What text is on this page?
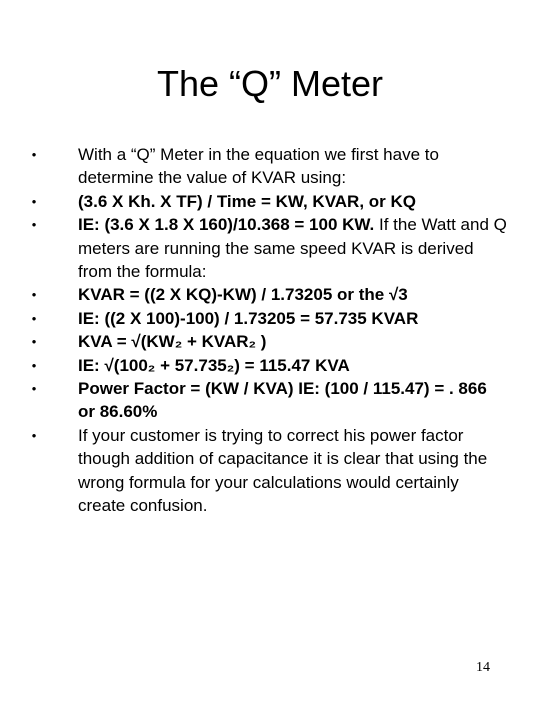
The “Q” Meter
• With a “Q” Meter in the equation we first have to determine the value of KVAR using:
• (3.6 X Kh. X TF) / Time = KW, KVAR, or KQ
• IE: (3.6 X 1.8 X 160)/10.368 = 100 KW. If the Watt and Q meters are running the same speed KVAR is derived from the formula:
• KVAR = ((2 X KQ)-KW) / 1.73205 or the √3
• IE: ((2 X 100)-100) / 1.73205 = 57.735 KVAR
• KVA = √(KW₂ + KVAR₂ )
• IE: √(100₂ + 57.735₂) = 115.47 KVA
• Power Factor = (KW / KVA) IE: (100 / 115.47) = . 866 or 86.60%
• If your customer is trying to correct his power factor though addition of capacitance it is clear that using the wrong formula for your calculations would certainly create confusion.
14
